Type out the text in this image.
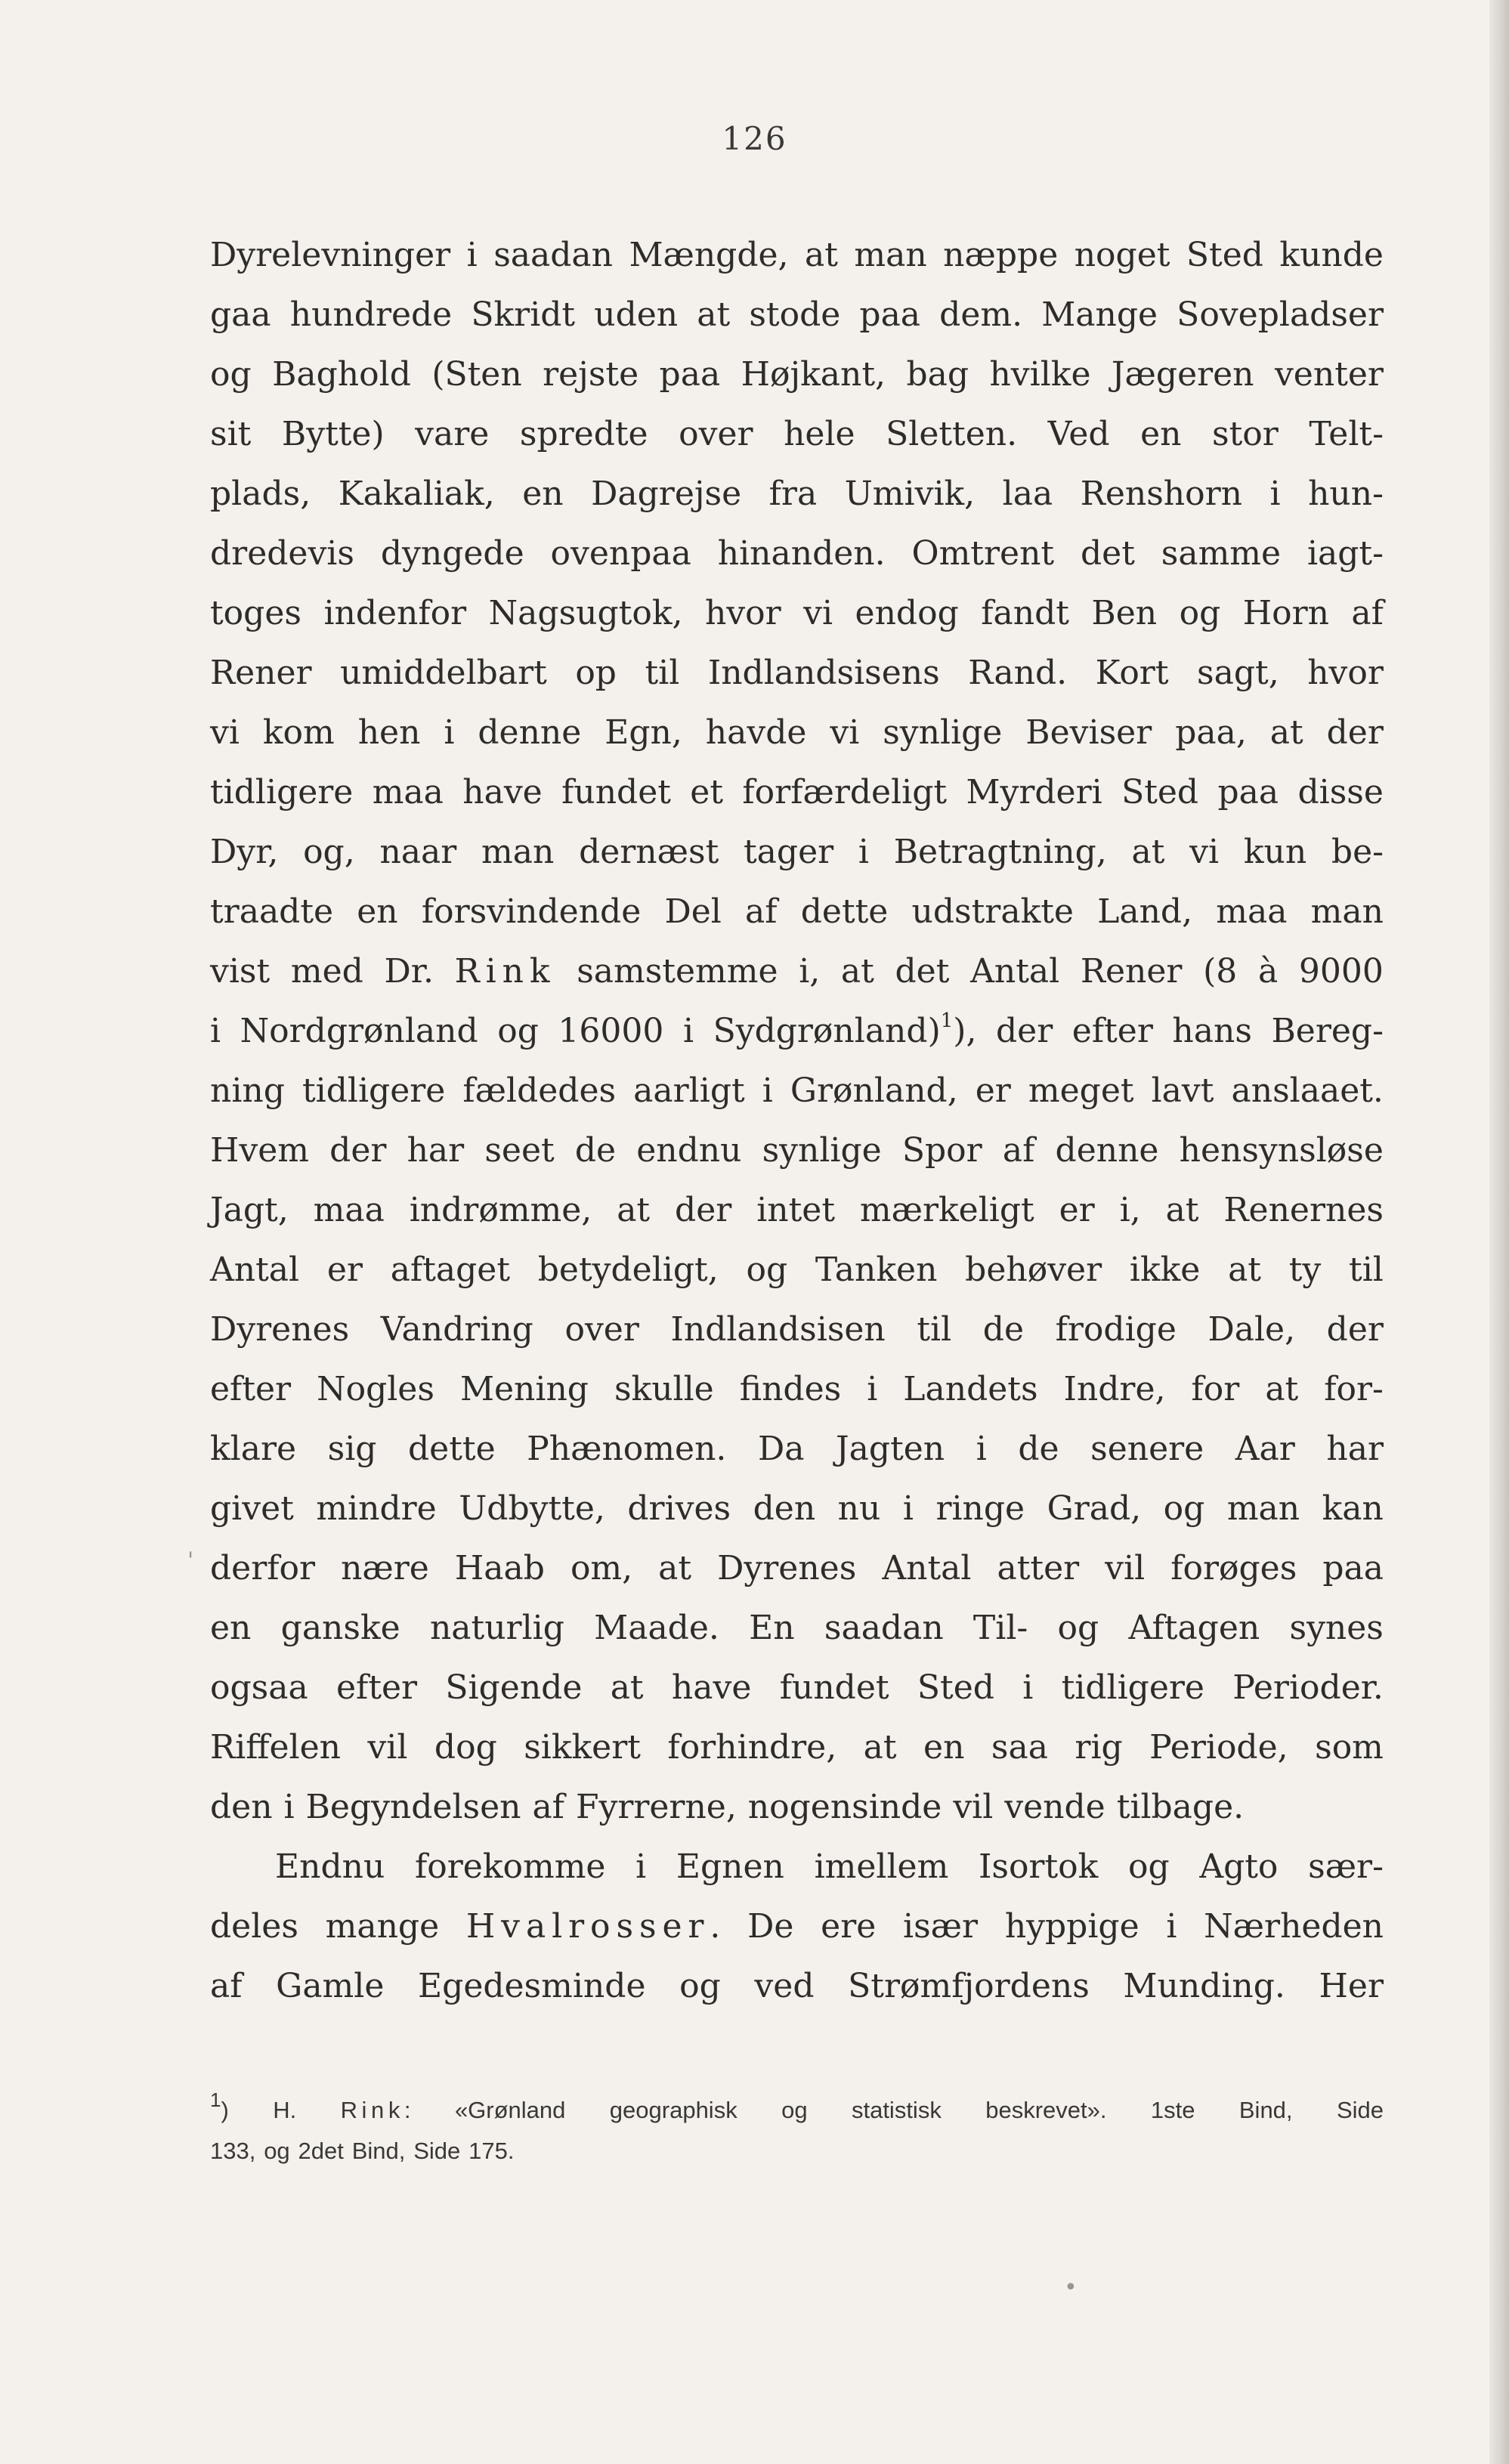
126
Dyrelevninger i saadan Mængde, at man næppe noget Sted kunde
gaa hundrede Skridt uden at stode paa dem. Mange Sovepladser
og Baghold (Sten rejste paa Højkant, bag hvilke Jægeren venter
sit Bytte) vare spredte over hele Sletten. Ved en stor Telt-
plads, Kakaliak, en Dagrejse fra Umivik, laa Renshorn i hun-
dredevis dyngede ovenpaa hinanden. Omtrent det samme iagt-
toges indenfor Nagsugtok, hvor vi endog fandt Ben og Horn af
Rener umiddelbart op til Indlandsisens Rand. Kort sagt, hvor
vi kom hen i denne Egn, havde vi synlige Beviser paa, at der
tidligere maa have fundet et forfærdeligt Myrderi Sted paa disse
Dyr, og, naar man dernæst tager i Betragtning, at vi kun be-
traadte en forsvindende Del af dette udstrakte Land, maa man
vist med Dr. Rink samstemme i, at det Antal Rener (8 à 9000
i Nordgrønland og 16000 i Sydgrønland)$^1$), der efter hans Bereg-
ning tidligere fældedes aarligt i Grønland, er meget lavt anslaaet.
Hvem der har seet de endnu synlige Spor af denne hensynsløse
Jagt, maa indrømme, at der intet mærkeligt er i, at Renernes
Antal er aftaget betydeligt, og Tanken behøver ikke at ty til
Dyrenes Vandring over Indlandsisen til de frodige Dale, der
efter Nogles Mening skulle findes i Landets Indre, for at for-
klare sig dette Phænomen. Da Jagten i de senere Aar har
givet mindre Udbytte, drives den nu i ringe Grad, og man kan
derfor nære Haab om, at Dyrenes Antal atter vil forøges paa
en ganske naturlig Maade. En saadan Til- og Aftagen synes
ogsaa efter Sigende at have fundet Sted i tidligere Perioder.
Riffelen vil dog sikkert forhindre, at en saa rig Periode, som
den i Begyndelsen af Fyrrerne, nogensinde vil vende tilbage.
Endnu forekomme i Egnen imellem Isortok og Agto sær-
deles mange Hvalrosser. De ere især hyppige i Nærheden
af Gamle Egedesminde og ved Strømfjordens Munding. Her
$^1$) H. Rink: «Grønland geographisk og statistisk beskrevet». 1ste Bind, Side
133, og 2det Bind, Side 175.
'
•
